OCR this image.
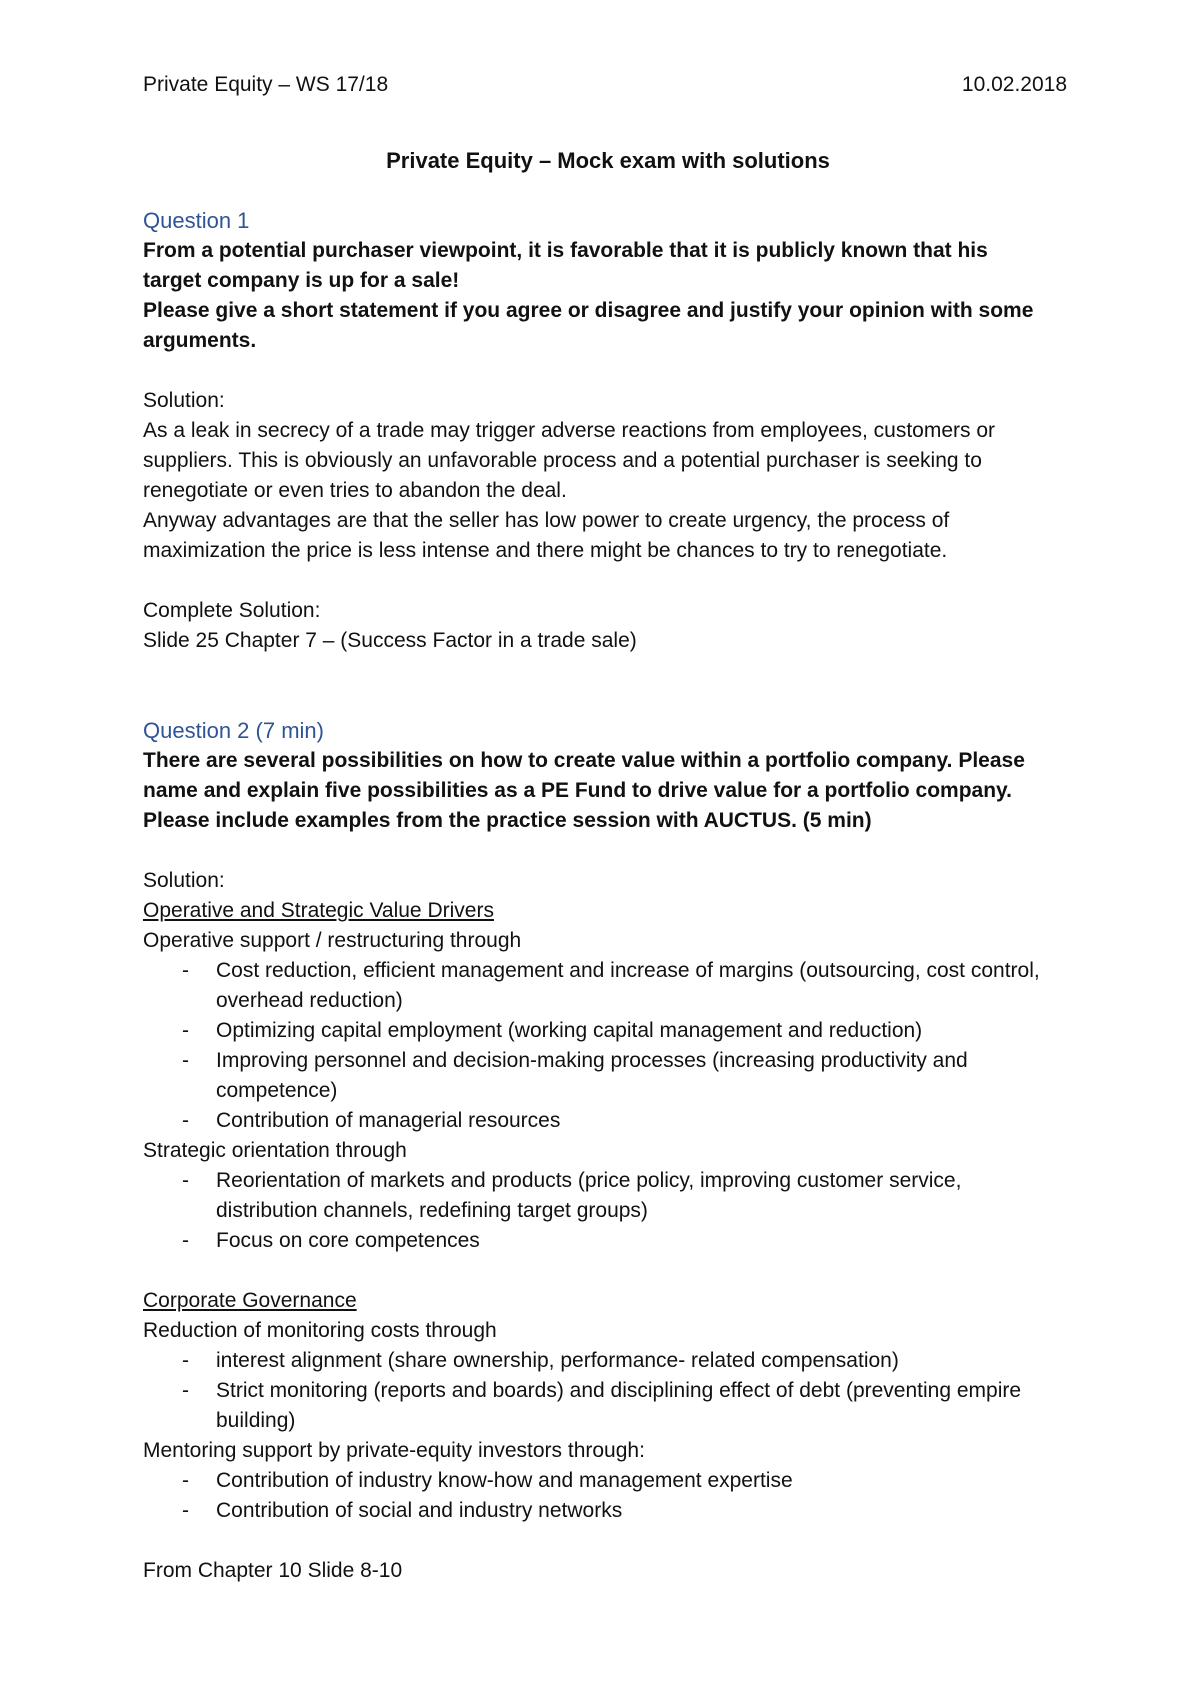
Private Equity – WS 17/18	10.02.2018
Private Equity – Mock exam with solutions
Question 1
From a potential purchaser viewpoint, it is favorable that it is publicly known that his
target company is up for a sale!
Please give a short statement if you agree or disagree and justify your opinion with some
arguments.
Solution:
As a leak in secrecy of a trade may trigger adverse reactions from employees, customers or
suppliers. This is obviously an unfavorable process and a potential purchaser is seeking to
renegotiate or even tries to abandon the deal.
Anyway advantages are that the seller has low power to create urgency, the process of
maximization the price is less intense and there might be chances to try to renegotiate.
Complete Solution:
Slide 25 Chapter 7 – (Success Factor in a trade sale)
Question 2 (7 min)
There are several possibilities on how to create value within a portfolio company. Please
name and explain five possibilities as a PE Fund to drive value for a portfolio company.
Please include examples from the practice session with AUCTUS. (5 min)
Solution:
Operative and Strategic Value Drivers
Operative support / restructuring through
- Cost reduction, efficient management and increase of margins (outsourcing, cost control, overhead reduction)
- Optimizing capital employment (working capital management and reduction)
- Improving personnel and decision-making processes (increasing productivity and competence)
- Contribution of managerial resources
Strategic orientation through
- Reorientation of markets and products (price policy, improving customer service, distribution channels, redefining target groups)
- Focus on core competences
Corporate Governance
Reduction of monitoring costs through
- interest alignment (share ownership, performance- related compensation)
- Strict monitoring (reports and boards) and disciplining effect of debt (preventing empire building)
Mentoring support by private-equity investors through:
- Contribution of industry know-how and management expertise
- Contribution of social and industry networks
From Chapter 10 Slide 8-10
